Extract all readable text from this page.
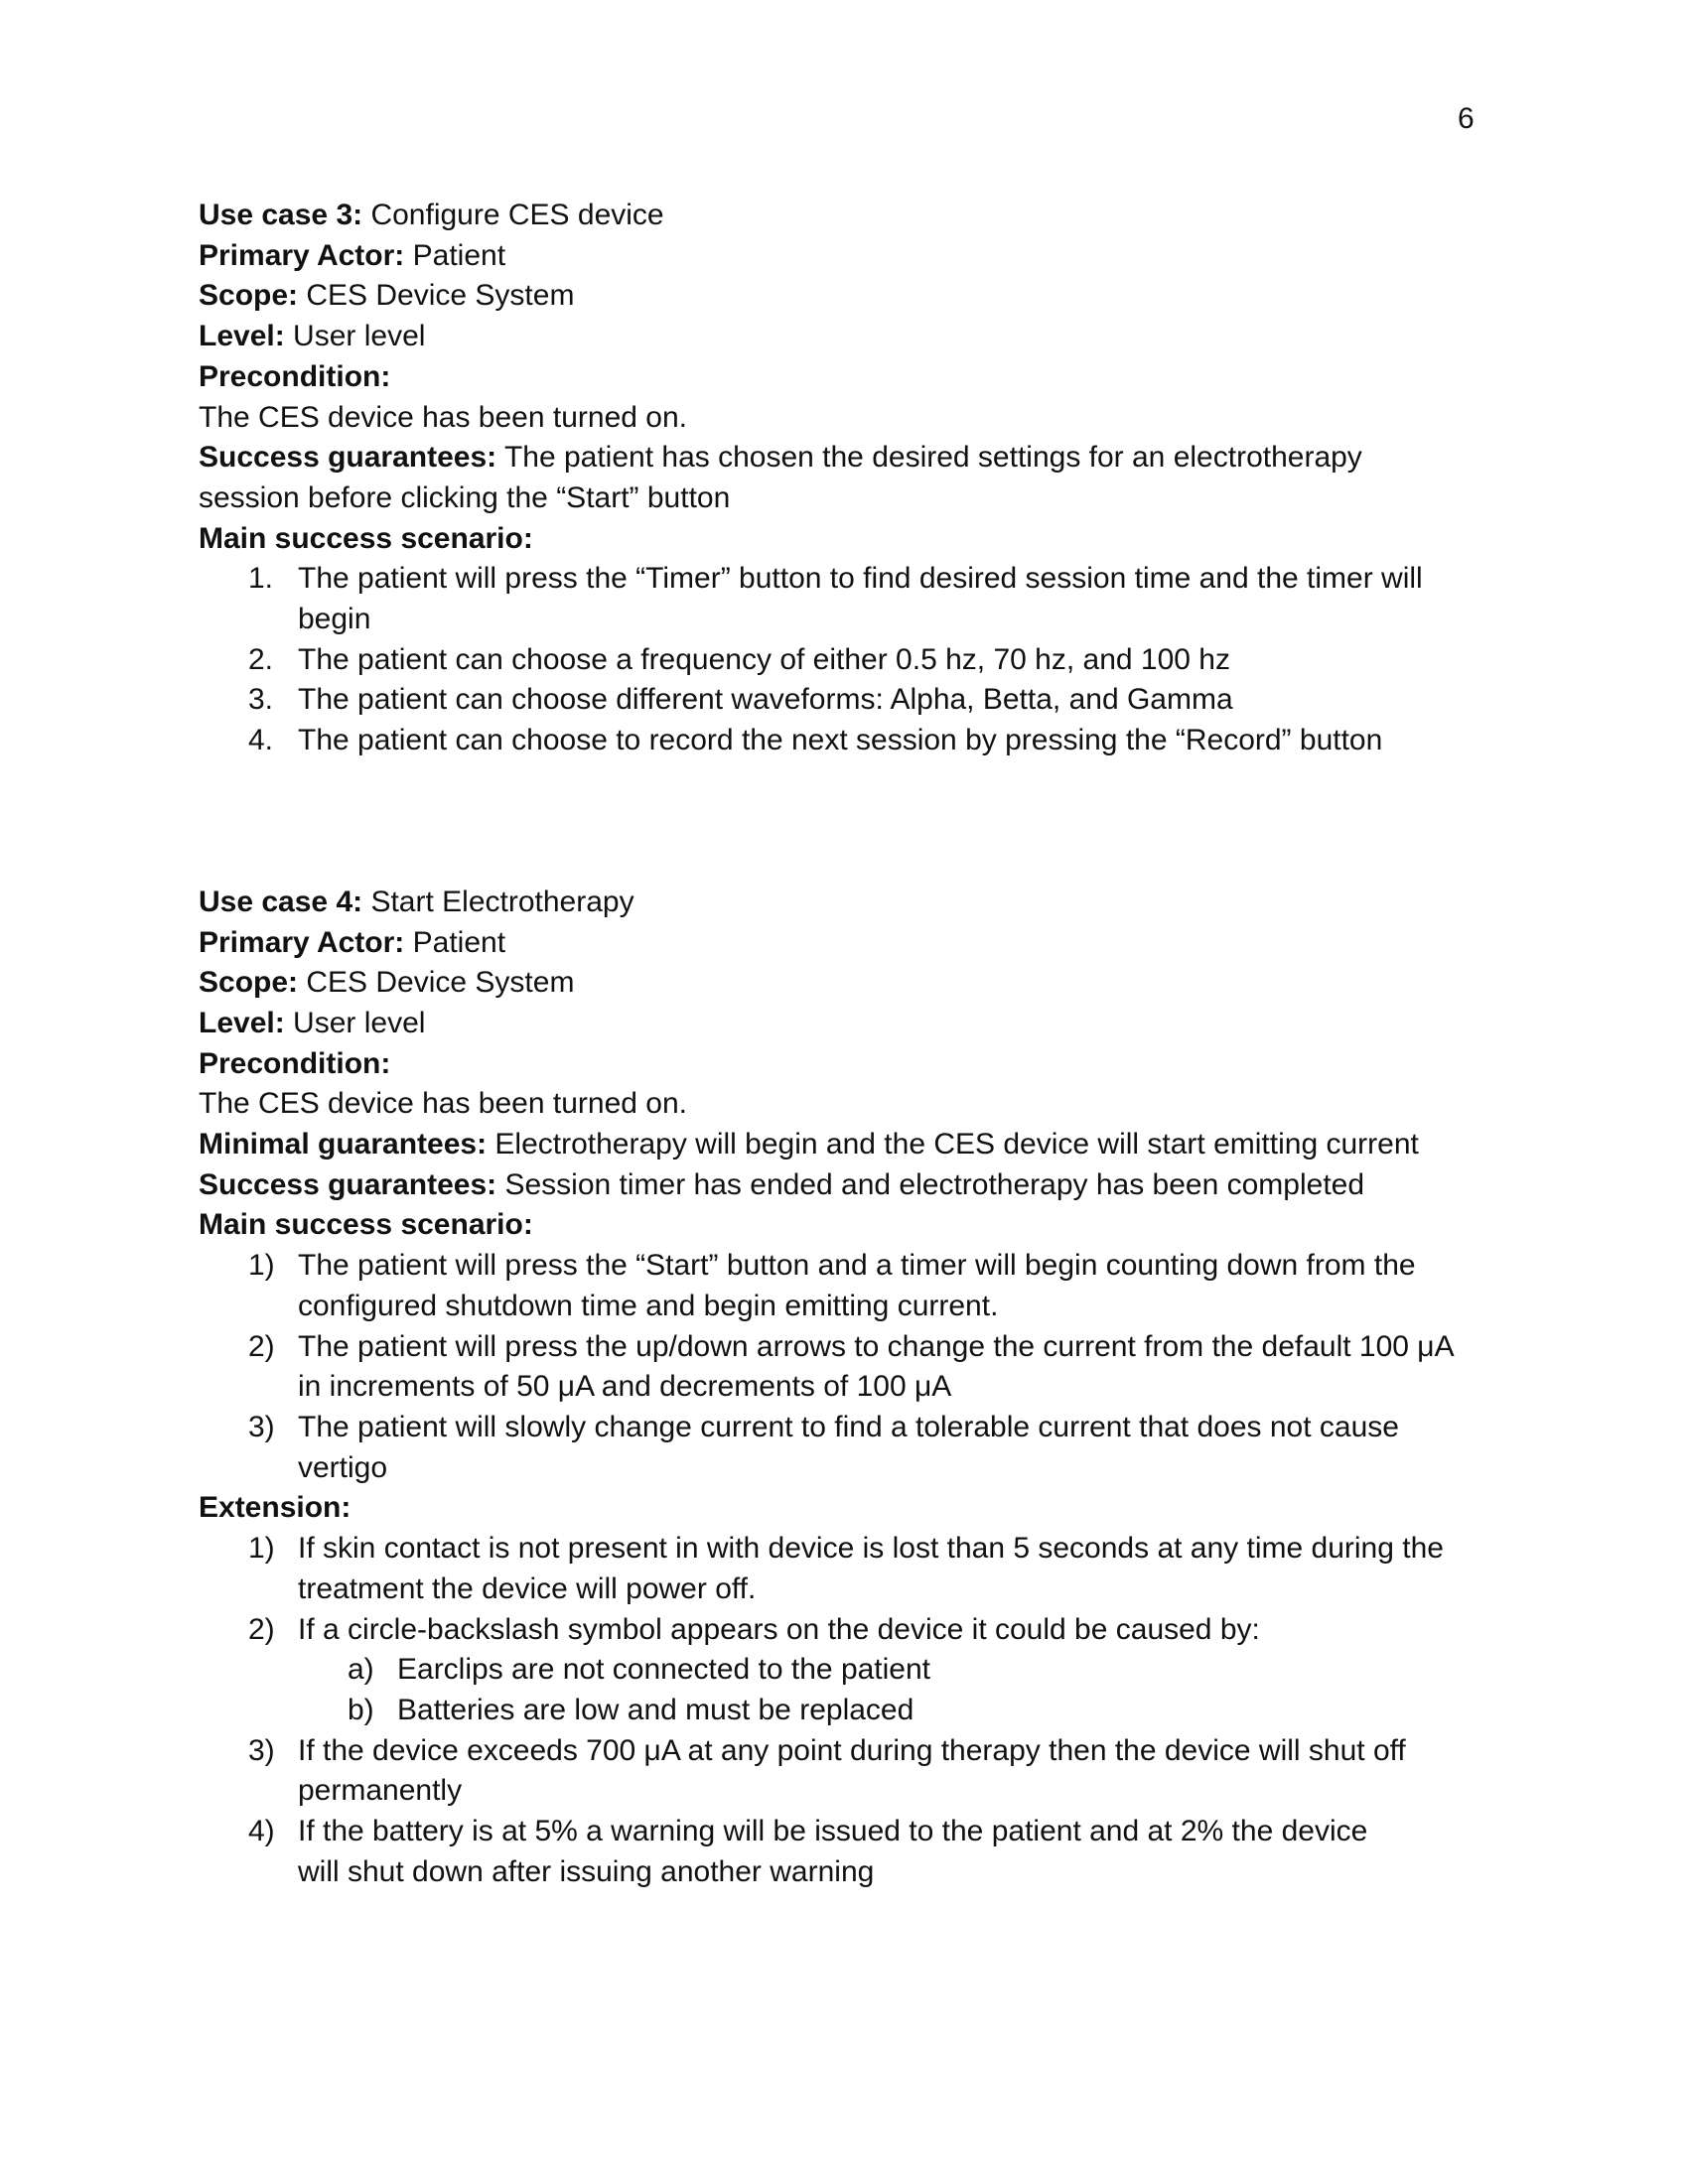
6

Use case 3: Configure CES device

Primary Actor: Patient

Scope: CES Device System

Level: User level

Precondition:

The CES device has been turned on.

Success guarantees: The patient has chosen the desired settings for an electrotherapy

session before clicking the “Start” button

Main success scenario:

1. The patient will press the “Timer” button to find desired session time and the timer will
begin
2. The patient can choose a frequency of either 0.5 hz, 70 hz, and 100 hz
3. The patient can choose different waveforms: Alpha, Betta, and Gamma
4. The patient can choose to record the next session by pressing the “Record” button

Use case 4: Start Electrotherapy

Primary Actor: Patient

Scope: CES Device System

Level: User level

Precondition:

The CES device has been turned on.

Minimal guarantees: Electrotherapy will begin and the CES device will start emitting current

Success guarantees: Session timer has ended and electrotherapy has been completed

Main success scenario:

1) The patient will press the “Start” button and a timer will begin counting down from the
configured shutdown time and begin emitting current.
2) The patient will press the up/down arrows to change the current from the default 100 μA
in increments of 50 μA and decrements of 100 μA
3) The patient will slowly change current to find a tolerable current that does not cause
vertigo

Extension:

1) If skin contact is not present in with device is lost than 5 seconds at any time during the
treatment the device will power off.
2) If a circle-backslash symbol appears on the device it could be caused by:
a) Earclips are not connected to the patient
b) Batteries are low and must be replaced
3) If the device exceeds 700 μA at any point during therapy then the device will shut off
permanently
4) If the battery is at 5% a warning will be issued to the patient and at 2% the device
will shut down after issuing another warning
